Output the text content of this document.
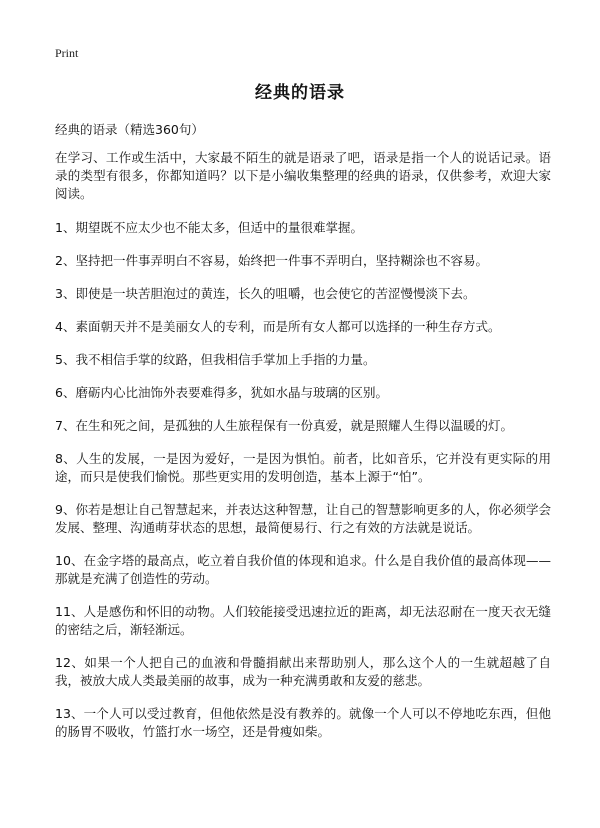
Print
经典的语录

经典的语录（精选360句）

在学习、工作或生活中，大家最不陌生的就是语录了吧，语录是指一个人的说话记录。语录的类型有很多，你都知道吗？以下是小编收集整理的经典的语录，仅供参考，欢迎大家阅读。

1、期望既不应太少也不能太多，但适中的量很难掌握。

2、坚持把一件事弄明白不容易，始终把一件事不弄明白，坚持糊涂也不容易。

3、即使是一块苦胆泡过的黄连，长久的咀嚼，也会使它的苦涩慢慢淡下去。

4、素面朝天并不是美丽女人的专利，而是所有女人都可以选择的一种生存方式。

5、我不相信手掌的纹路，但我相信手掌加上手指的力量。

6、磨砺内心比油饰外表要难得多，犹如水晶与玻璃的区别。

7、在生和死之间，是孤独的人生旅程保有一份真爱，就是照耀人生得以温暖的灯。

8、人生的发展，一是因为爱好，一是因为惧怕。前者，比如音乐，它并没有更实际的用途，而只是使我们愉悦。那些更实用的发明创造，基本上源于“怕”。

9、你若是想让自己智慧起来，并表达这种智慧，让自己的智慧影响更多的人，你必须学会发展、整理、沟通萌芽状态的思想，最简便易行、行之有效的方法就是说话。

10、在金字塔的最高点，屹立着自我价值的体现和追求。什么是自我价值的最高体现——那就是充满了创造性的劳动。

11、人是感伤和怀旧的动物。人们较能接受迅速拉近的距离，却无法忍耐在一度天衣无缝的密结之后，渐轻渐远。

12、如果一个人把自己的血液和骨髓捐献出来帮助别人，那么这个人的一生就超越了自我，被放大成人类最美丽的故事，成为一种充满勇敢和友爱的慈悲。

13、一个人可以受过教育，但他依然是没有教养的。就像一个人可以不停地吃东西，但他的肠胃不吸收，竹篮打水一场空，还是骨瘦如柴。
